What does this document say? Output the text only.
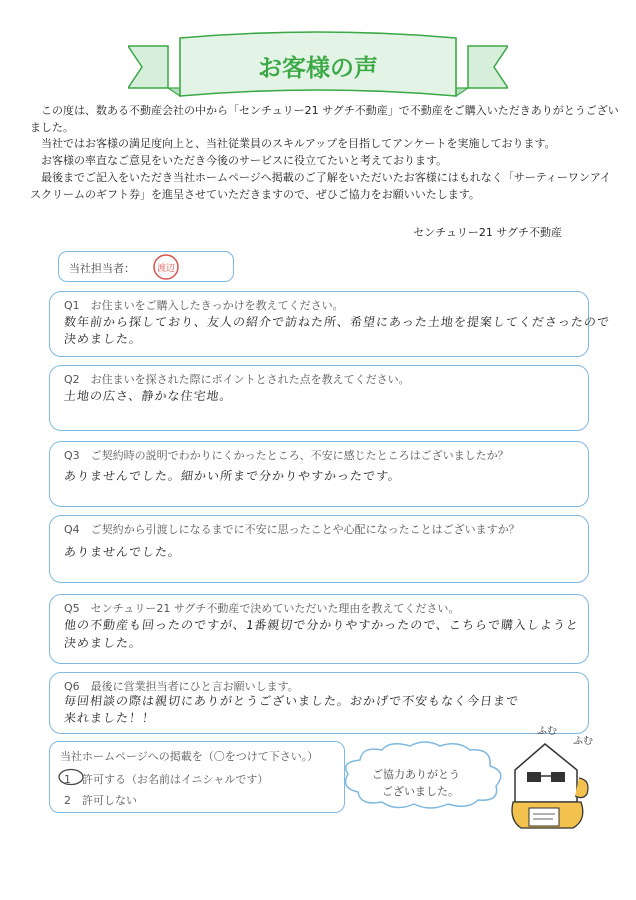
お客様の声

この度は、数ある不動産会社の中から「センチュリー21 サグチ不動産」で不動産をご購入いただきありがとうございました。

当社ではお客様の満足度向上と、当社従業員のスキルアップを目指してアンケートを実施しております。

お客様の率直なご意見をいただき今後のサービスに役立てたいと考えております。

最後までご記入をいただき当社ホームページへ掲載のご了解をいただいたお客様にはもれなく「サーティーワンアイスクリームのギフト券」を進呈させていただきますので、ぜひご協力をお願いいたします。

センチュリー21 サグチ不動産
当社担当者： 渡辺
Q1　お住まいをご購入したきっかけを教えてください。
数年前から探しており、友人の紹介で訪ねた所、希望にあった土地を提案してくださったので
決めました。
Q2　お住まいを探された際にポイントとされた点を教えてください。
土地の広さ、静かな住宅地。
Q3　ご契約時の説明でわかりにくかったところ、不安に感じたところはございましたか？
ありませんでした。細かい所まで分かりやすかったです。
Q4　ご契約から引渡しになるまでに不安に思ったことや心配になったことはございますか？
ありませんでした。
Q5　センチュリー21 サグチ不動産で決めていただいた理由を教えてください。
他の不動産も回ったのですが、1番親切で分かりやすかったので、こちらで購入しようと
決めました。
Q6　最後に営業担当者にひと言お願いします。
毎回相談の際は親切にありがとうございました。おかげで不安もなく今日まで
来れました！！
当社ホームページへの掲載を（〇をつけて下さい。）
1　許可する（お名前はイニシャルです）
2　許可しない
ご協力ありがとう
ございました。
ふむ
ふむ
